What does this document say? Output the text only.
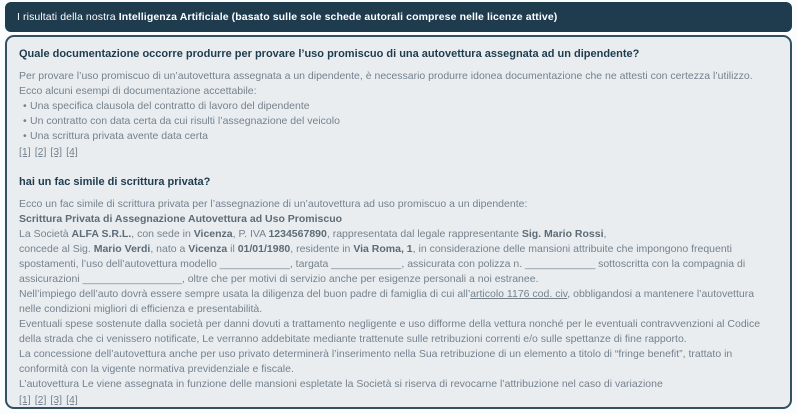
I risultati della nostra Intelligenza Artificiale (basato sulle sole schede autorali comprese nelle licenze attive)
Quale documentazione occorre produrre per provare l’uso promiscuo di una autovettura assegnata ad un dipendente?
Per provare l’uso promiscuo di un’autovettura assegnata a un dipendente, è necessario produrre idonea documentazione che ne attesti con certezza l’utilizzo. Ecco alcuni esempi di documentazione accettabile:
• Una specifica clausola del contratto di lavoro del dipendente
• Un contratto con data certa da cui risulti l’assegnazione del veicolo
• Una scrittura privata avente data certa
[1] [2] [3] [4]
hai un fac simile di scrittura privata?
Ecco un fac simile di scrittura privata per l’assegnazione di un’autovettura ad uso promiscuo a un dipendente:
Scrittura Privata di Assegnazione Autovettura ad Uso Promiscuo
La Società ALFA S.R.L., con sede in Vicenza, P. IVA 1234567890, rappresentata dal legale rappresentante Sig. Mario Rossi,
concede al Sig. Mario Verdi, nato a Vicenza il 01/01/1980, residente in Via Roma, 1, in considerazione delle mansioni attribuite che impongono frequenti spostamenti, l’uso dell’autovettura modello ____________, targata ____________, assicurata con polizza n. ____________ sottoscritta con la compagnia di assicurazioni _________________, oltre che per motivi di servizio anche per esigenze personali a noi estranee.
Nell’impiego dell’auto dovrà essere sempre usata la diligenza del buon padre di famiglia di cui all’articolo 1176 cod. civ, obbligandosi a mantenere l’autovettura nelle condizioni migliori di efficienza e presentabilità.
Eventuali spese sostenute dalla società per danni dovuti a trattamento negligente e uso difforme della vettura nonché per le eventuali contravvenzioni al Codice della strada che ci venissero notificate, Le verranno addebitate mediante trattenute sulle retribuzioni correnti e/o sulle spettanze di fine rapporto.
La concessione dell’autovettura anche per uso privato determinerà l’inserimento nella Sua retribuzione di un elemento a titolo di “fringe benefit”, trattato in conformità con la vigente normativa previdenziale e fiscale.
L’autovettura Le viene assegnata in funzione delle mansioni espletate la Società si riserva di revocarne l’attribuzione nel caso di variazione
[1] [2] [3] [4]
